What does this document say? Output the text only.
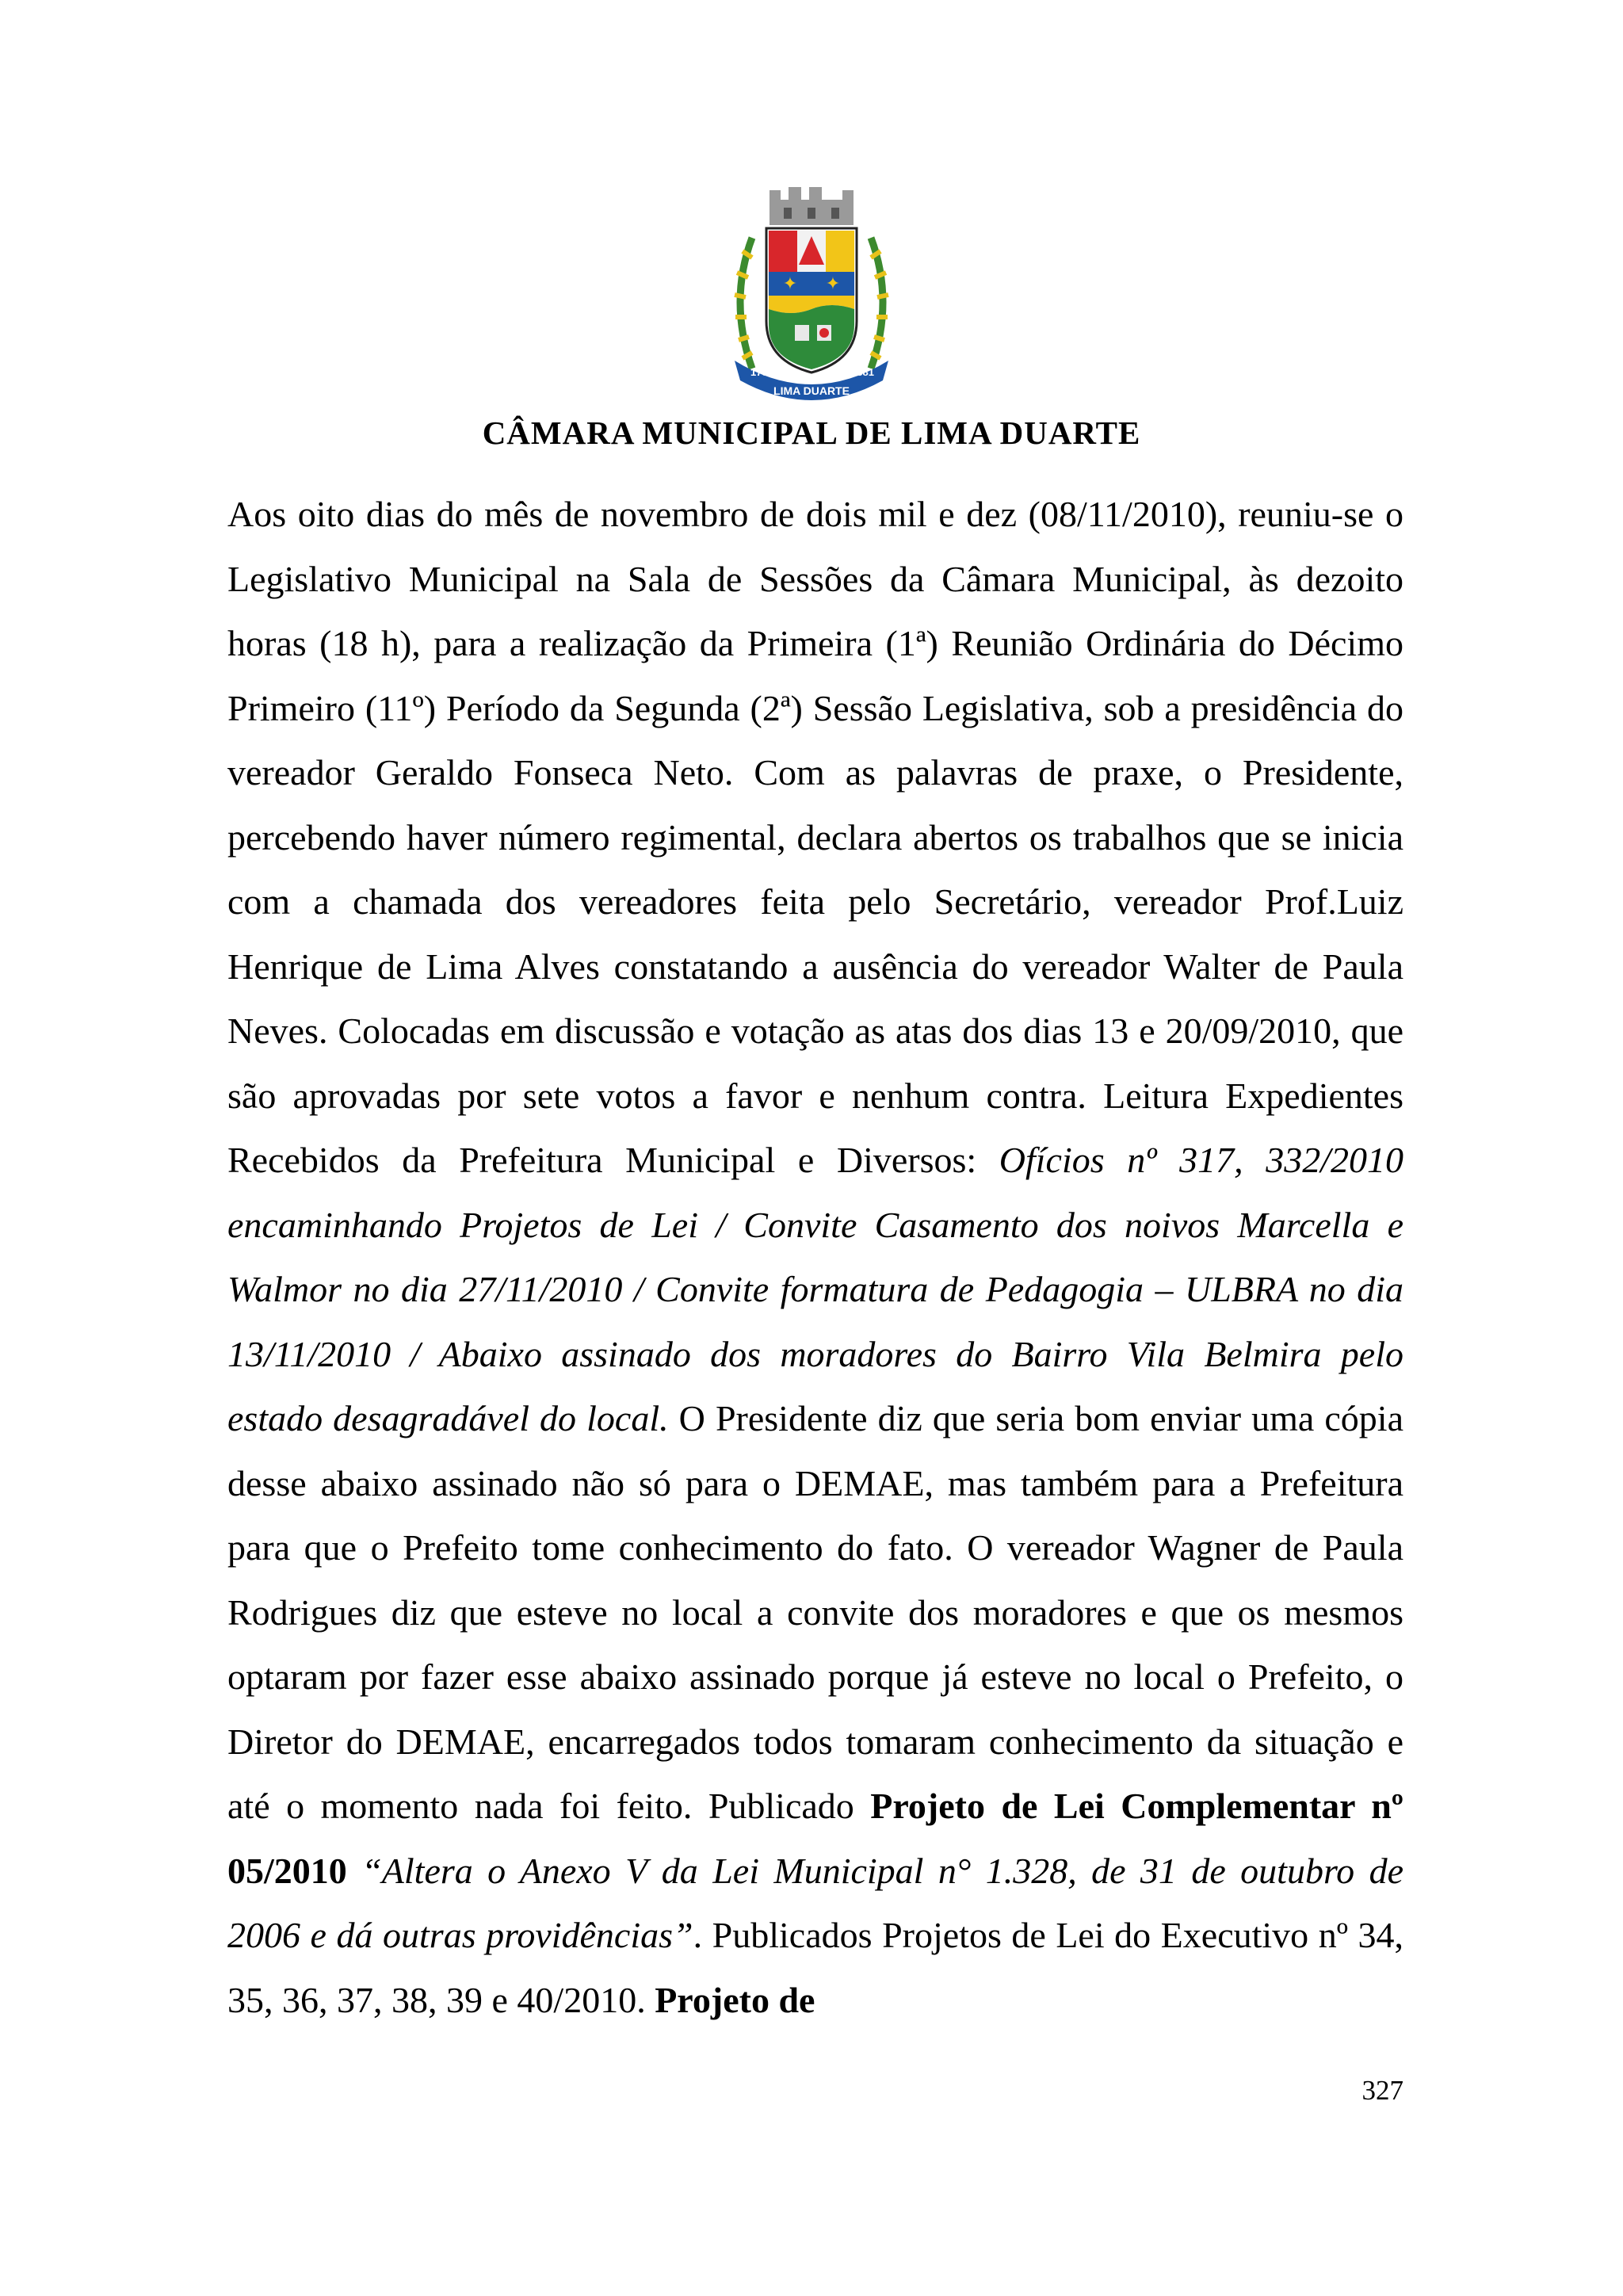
✦ ✦
1781	1881
LIMA DUARTE
CÂMARA MUNICIPAL DE LIMA DUARTE

Aos oito dias do mês de novembro de dois mil e dez (08/11/2010), reuniu-se o Legislativo Municipal na Sala de Sessões da Câmara Municipal, às dezoito horas (18 h), para a realização da Primeira (1ª) Reunião Ordinária do Décimo Primeiro (11º) Período da Segunda (2ª) Sessão Legislativa, sob a presidência do vereador Geraldo Fonseca Neto. Com as palavras de praxe, o Presidente, percebendo haver número regimental, declara abertos os trabalhos que se inicia com a chamada dos vereadores feita pelo Secretário, vereador Prof.Luiz Henrique de Lima Alves constatando a ausência do vereador Walter de Paula Neves. Colocadas em discussão e votação as atas dos dias 13 e 20/09/2010, que são aprovadas por sete votos a favor e nenhum contra. Leitura Expedientes Recebidos da Prefeitura Municipal e Diversos: Ofícios nº 317, 332/2010 encaminhando Projetos de Lei / Convite Casamento dos noivos Marcella e Walmor no dia 27/11/2010 / Convite formatura de Pedagogia – ULBRA no dia 13/11/2010 / Abaixo assinado dos moradores do Bairro Vila Belmira pelo estado desagradável do local. O Presidente diz que seria bom enviar uma cópia desse abaixo assinado não só para o DEMAE, mas também para a Prefeitura para que o Prefeito tome conhecimento do fato. O vereador Wagner de Paula Rodrigues diz que esteve no local a convite dos moradores e que os mesmos optaram por fazer esse abaixo assinado porque já esteve no local o Prefeito, o Diretor do DEMAE, encarregados todos tomaram conhecimento da situação e até o momento nada foi feito. Publicado Projeto de Lei Complementar nº 05/2010 “Altera o Anexo V da Lei Municipal n° 1.328, de 31 de outubro de 2006 e dá outras providências”. Publicados Projetos de Lei do Executivo nº 34, 35, 36, 37, 38, 39 e 40/2010. Projeto de

327
